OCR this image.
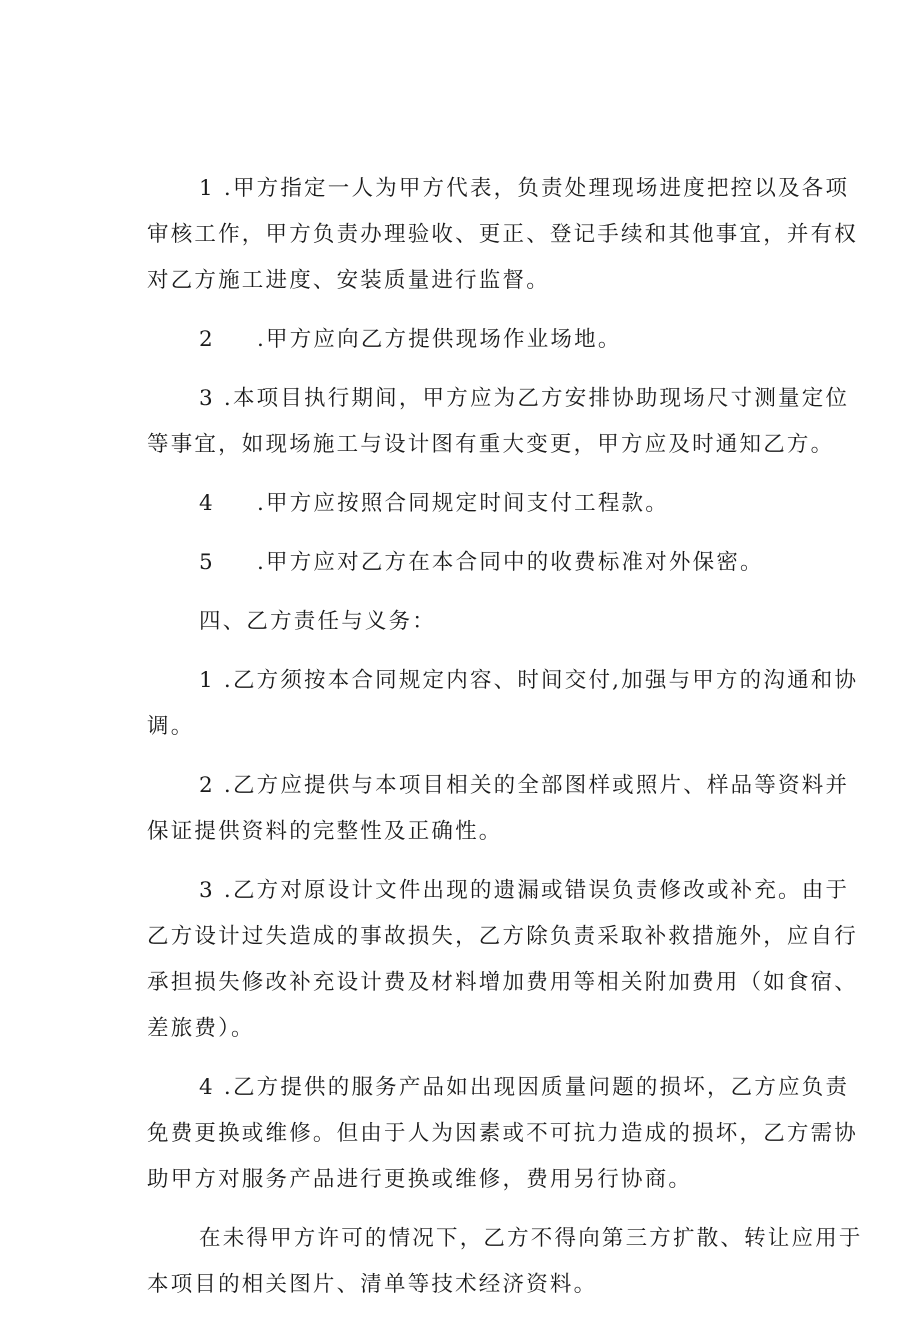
1 .甲方指定一人为甲方代表，负责处理现场进度把控以及各项
审核工作，甲方负责办理验收、更正、登记手续和其他事宜，并有权
对乙方施工进度、安装质量进行监督。
2 .甲方应向乙方提供现场作业场地。
3 .本项目执行期间，甲方应为乙方安排协助现场尺寸测量定位
等事宜，如现场施工与设计图有重大变更，甲方应及时通知乙方。
4 .甲方应按照合同规定时间支付工程款。
5 .甲方应对乙方在本合同中的收费标准对外保密。
四、乙方责任与义务：
1 .乙方须按本合同规定内容、时间交付,加强与甲方的沟通和协
调。
2 .乙方应提供与本项目相关的全部图样或照片、样品等资料并
保证提供资料的完整性及正确性。
3 .乙方对原设计文件出现的遗漏或错误负责修改或补充。由于
乙方设计过失造成的事故损失，乙方除负责采取补救措施外，应自行
承担损失修改补充设计费及材料增加费用等相关附加费用（如食宿、
差旅费）。
4 .乙方提供的服务产品如出现因质量问题的损坏，乙方应负责
免费更换或维修。但由于人为因素或不可抗力造成的损坏，乙方需协
助甲方对服务产品进行更换或维修，费用另行协商。
在未得甲方许可的情况下，乙方不得向第三方扩散、转让应用于
本项目的相关图片、清单等技术经济资料。
